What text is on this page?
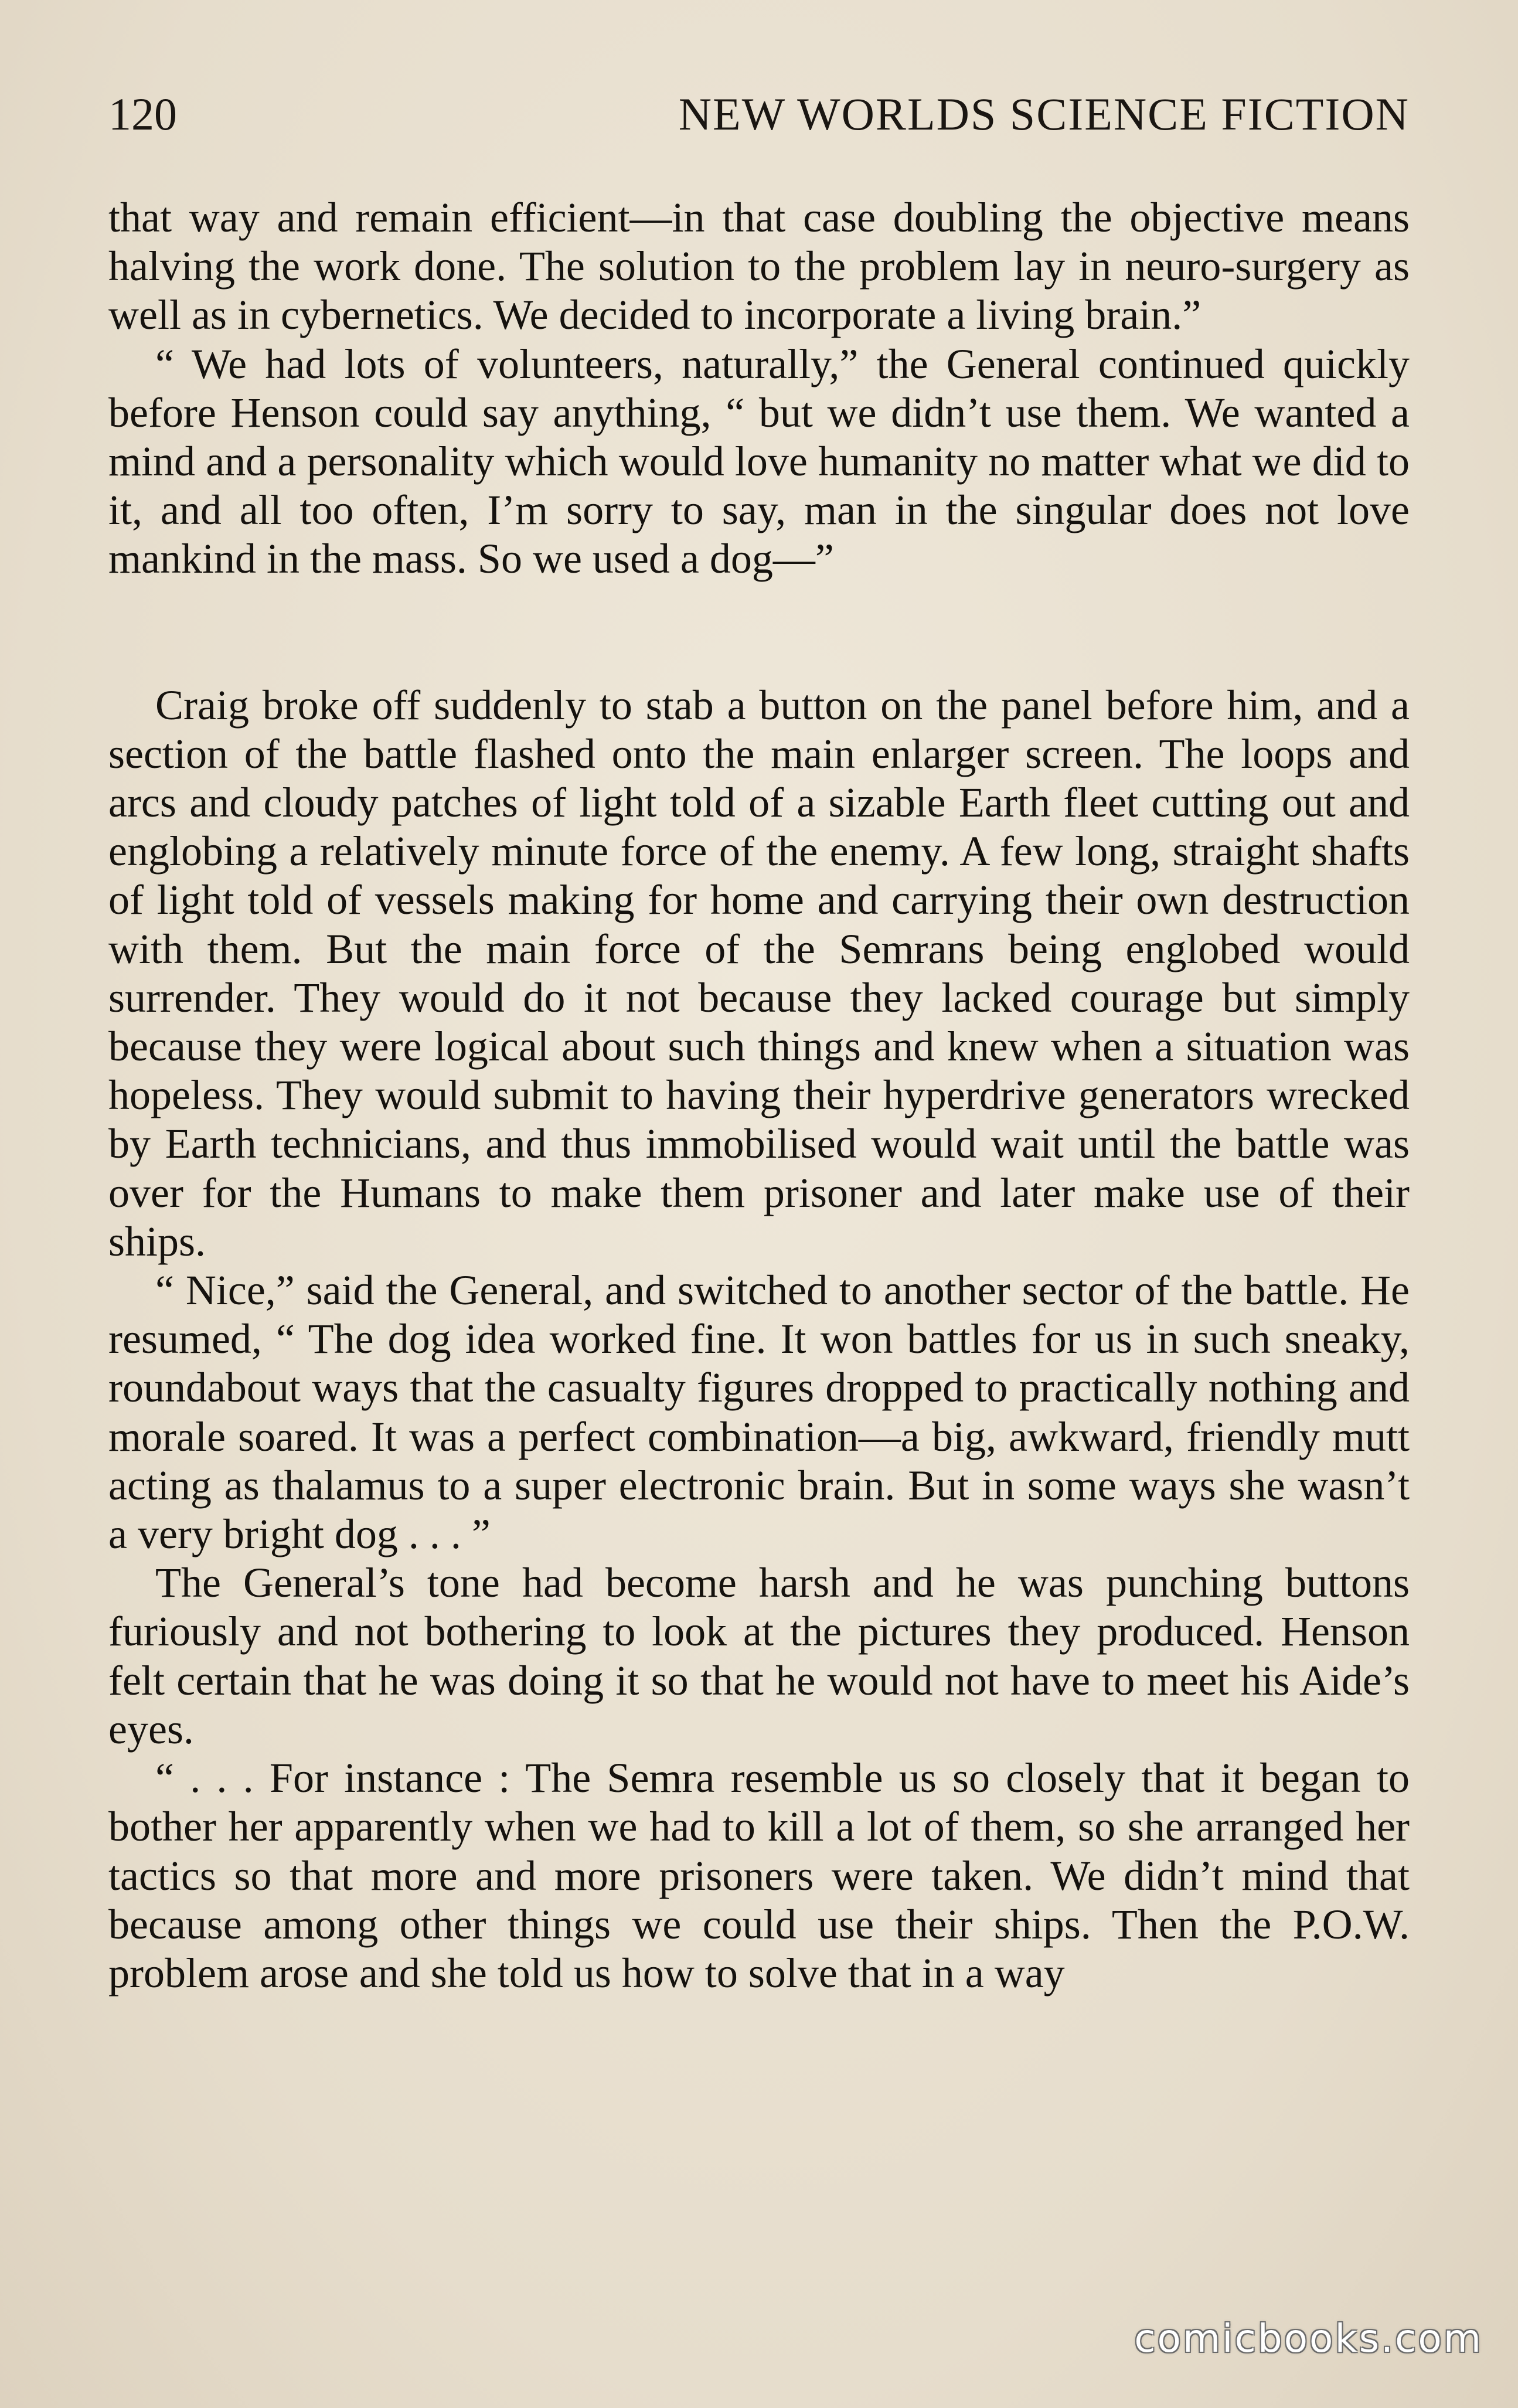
120	NEW WORLDS SCIENCE FICTION

that way and remain efficient—in that case doubling the objective means halving the work done. The solution to the problem lay in neuro-surgery as well as in cybernetics. We decided to incorporate a living brain.”

“ We had lots of volunteers, naturally,” the General continued quickly before Henson could say anything, “ but we didn’t use them. We wanted a mind and a personality which would love humanity no matter what we did to it, and all too often, I’m sorry to say, man in the singular does not love mankind in the mass. So we used a dog—”

Craig broke off suddenly to stab a button on the panel before him, and a section of the battle flashed onto the main enlarger screen. The loops and arcs and cloudy patches of light told of a sizable Earth fleet cutting out and englobing a relatively minute force of the enemy. A few long, straight shafts of light told of vessels making for home and carrying their own destruction with them. But the main force of the Semrans being englobed would surrender. They would do it not because they lacked courage but simply because they were logical about such things and knew when a situation was hopeless. They would submit to having their hyperdrive generators wrecked by Earth technicians, and thus immobilised would wait until the battle was over for the Humans to make them prisoner and later make use of their ships.

“ Nice,” said the General, and switched to another sector of the battle. He resumed, “ The dog idea worked fine. It won battles for us in such sneaky, roundabout ways that the casualty figures dropped to practically nothing and morale soared. It was a perfect combination—a big, awkward, friendly mutt acting as thalamus to a super electronic brain. But in some ways she wasn’t a very bright dog . . . ”

The General’s tone had become harsh and he was punching buttons furiously and not bothering to look at the pictures they produced. Henson felt certain that he was doing it so that he would not have to meet his Aide’s eyes.

“ . . . For instance : The Semra resemble us so closely that it began to bother her apparently when we had to kill a lot of them, so she arranged her tactics so that more and more prisoners were taken. We didn’t mind that because among other things we could use their ships. Then the P.O.W. problem arose and she told us how to solve that in a way

comicbooks.com
